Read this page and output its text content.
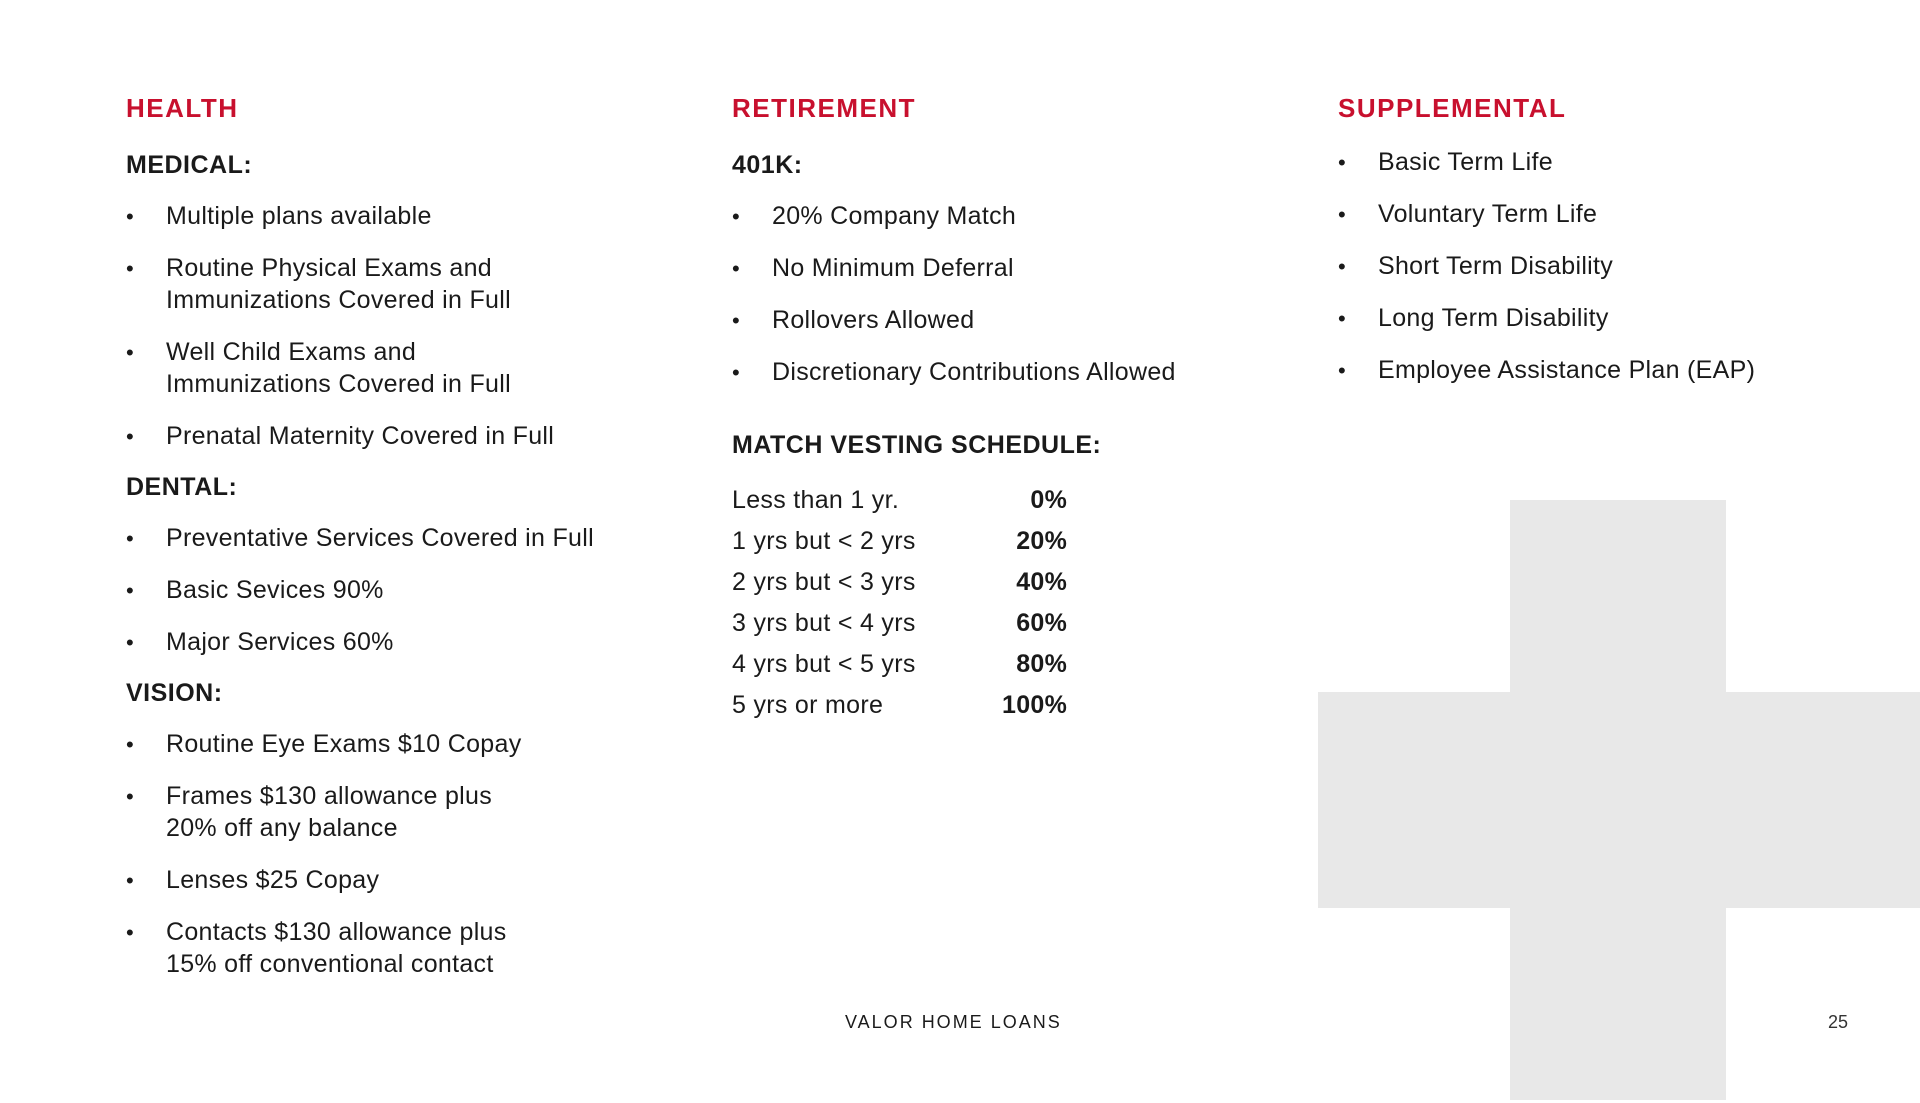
HEALTH
MEDICAL:
• Multiple plans available
• Routine Physical Exams and
Immunizations Covered in Full
• Well Child Exams and
Immunizations Covered in Full
• Prenatal Maternity Covered in Full
DENTAL:
• Preventative Services Covered in Full
• Basic Sevices 90%
• Major Services 60%
VISION:
• Routine Eye Exams $10 Copay
• Frames $130 allowance plus
20% off any balance
• Lenses $25 Copay
• Contacts $130 allowance plus
15% off conventional contact
RETIREMENT
401K:
• 20% Company Match
• No Minimum Deferral
• Rollovers Allowed
• Discretionary Contributions Allowed
MATCH VESTING SCHEDULE:
Less than 1 yr.	0%
1 yrs but < 2 yrs	20%
2 yrs but < 3 yrs	40%
3 yrs but < 4 yrs	60%
4 yrs but < 5 yrs	80%
5 yrs or more	100%
SUPPLEMENTAL
• Basic Term Life
• Voluntary Term Life
• Short Term Disability
• Long Term Disability
• Employee Assistance Plan (EAP)
VALOR HOME LOANS	25
